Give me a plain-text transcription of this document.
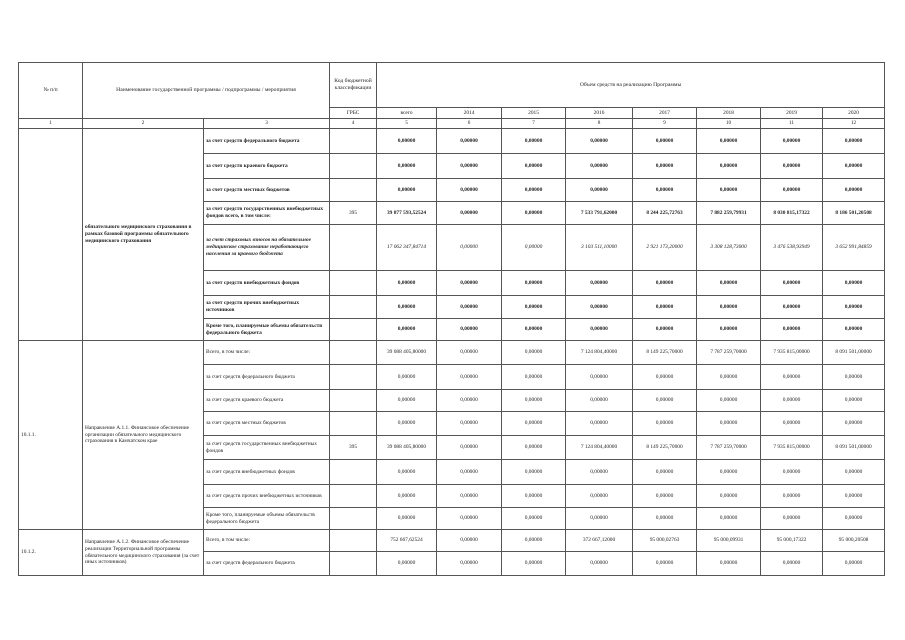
№ п/п	Наименование государственной программы / подпрограммы / мероприятия		Код бюджетной классификации	Объем средств на реализацию Программы							
			ГРБС	всего	2014	2015	2016	2017	2018	2019	2020
1	2	3	4	5	6	7	8	9	10	11	12
	обязательного медицинского страхования в рамках базовой программы обязательного медицинского страхования	за счет средств федерального бюджета		0,00000	0,00000	0,00000	0,00000	0,00000	0,00000	0,00000	0,00000
		за счет средств краевого бюджета		0,00000	0,00000	0,00000	0,00000	0,00000	0,00000	0,00000	0,00000
		за счет средств местных бюджетов		0,00000	0,00000	0,00000	0,00000	0,00000	0,00000	0,00000	0,00000
		за счет средств государственных внебюджетных фондов всего, в том числе:	395	39 877 593,52524	0,00000	0,00000	7 533 791,62000	8 244 225,72763	7 882 259,79931	8 030 815,17322	8 186 501,20508
		за счет страховых взносов на обязательное медицинское страхование неработающего населения за краевого бюджета		17 062 347,84714	0,00000	0,00000	3 103 511,10000	2 921 173,20000	3 308 128,73000	3 476 538,93949	3 652 991,84859
		за счет средств внебюджетных фондов		0,00000	0,00000	0,00000	0,00000	0,00000	0,00000	0,00000	0,00000
		за счет средств прочих внебюджетных источников		0,00000	0,00000	0,00000	0,00000	0,00000	0,00000	0,00000	0,00000
		Кроме того, планируемые объемы обязательств федерального бюджета		0,00000	0,00000	0,00000	0,00000	0,00000	0,00000	0,00000	0,00000
10.1.1.	Направление А.1.1. Финансовое обеспечение организации обязательного медицинского страхования в Камчатском крае	Всего, в том числе:		39 088 405,80000	0,00000	0,00000	7 124 804,40000	8 149 225,70000	7 787 259,70000	7 935 815,00000	8 091 501,00000
		за счет средств федерального бюджета		0,00000	0,00000	0,00000	0,00000	0,00000	0,00000	0,00000	0,00000
		за счет средств краевого бюджета		0,00000	0,00000	0,00000	0,00000	0,00000	0,00000	0,00000	0,00000
		за счет средств местных бюджетов		0,00000	0,00000	0,00000	0,00000	0,00000	0,00000	0,00000	0,00000
		за счет средств государственных внебюджетных фондов	395	39 088 405,80000	0,00000	0,00000	7 124 804,40000	8 149 225,70000	7 787 259,70000	7 935 815,00000	8 091 501,00000
		за счет средств внебюджетных фондов		0,00000	0,00000	0,00000	0,00000	0,00000	0,00000	0,00000	0,00000
		за счет средств прочих внебюджетных источников		0,00000	0,00000	0,00000	0,00000	0,00000	0,00000	0,00000	0,00000
		Кроме того, планируемые объемы обязательств федерального бюджета		0,00000	0,00000	0,00000	0,00000	0,00000	0,00000	0,00000	0,00000
10.1.2.	Направление А.1.2. Финансовое обеспечение реализации Территориальной программы обязательного медицинского страхования (за счет иных источников)	Всего, в том числе:		752 667,62524	0,00000	0,00000	372 667,12000	95 000,02763	95 000,09931	95 000,17322	95 000,20508
		за счет средств федерального бюджета		0,00000	0,00000	0,00000	0,00000	0,00000	0,00000	0,00000	0,00000
